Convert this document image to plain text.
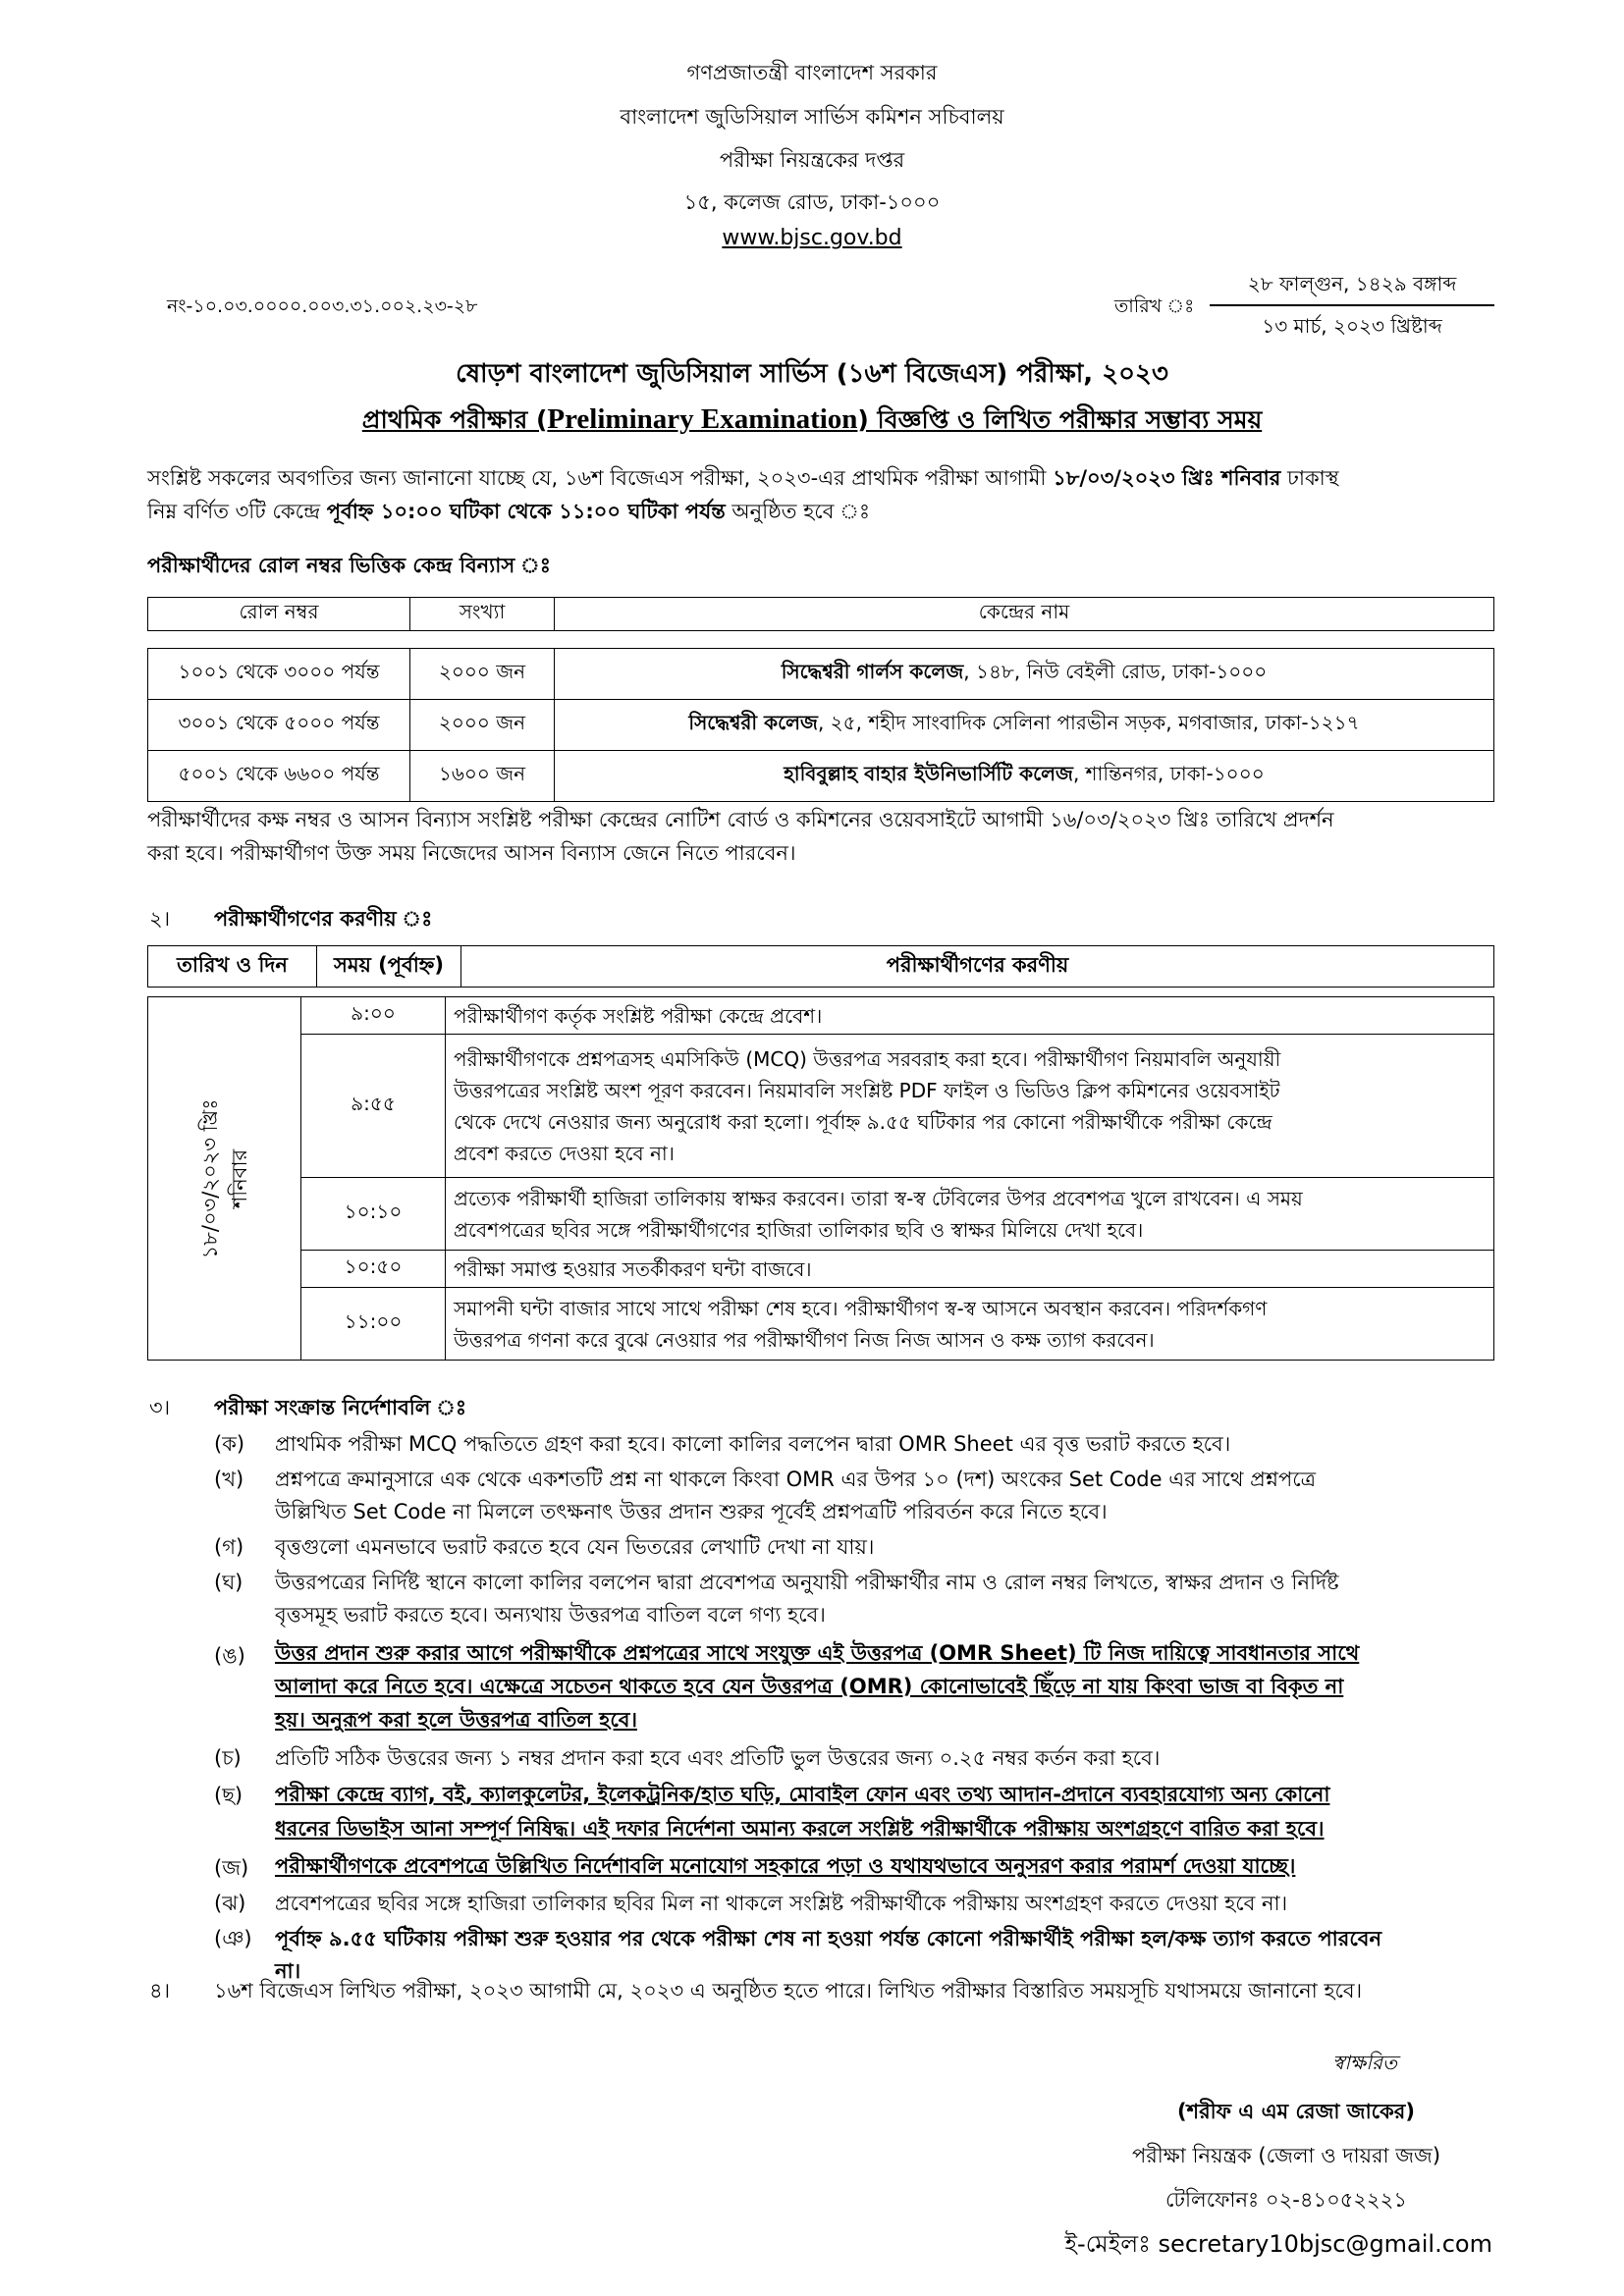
গণপ্রজাতন্ত্রী বাংলাদেশ সরকার
বাংলাদেশ জুডিসিয়াল সার্ভিস কমিশন সচিবালয়
পরীক্ষা নিয়ন্ত্রকের দপ্তর
১৫, কলেজ রোড, ঢাকা-১০০০
www.bjsc.gov.bd
নং-১০.০৩.০০০০.০০৩.৩১.০০২.২৩-২৮	তারিখ ঃ
২৮ ফাল্গুন, ১৪২৯ বঙ্গাব্দ
১৩ মার্চ, ২০২৩ খ্রিষ্টাব্দ
ষোড়শ বাংলাদেশ জুডিসিয়াল সার্ভিস (১৬শ বিজেএস) পরীক্ষা, ২০২৩
প্রাথমিক পরীক্ষার (Preliminary Examination) বিজ্ঞপ্তি ও লিখিত পরীক্ষার সম্ভাব্য সময়
সংশ্লিষ্ট সকলের অবগতির জন্য জানানো যাচ্ছে যে, ১৬শ বিজেএস পরীক্ষা, ২০২৩-এর প্রাথমিক পরীক্ষা আগামী ১৮/০৩/২০২৩ খ্রিঃ শনিবার ঢাকাস্থ
নিম্ন বর্ণিত ৩টি কেন্দ্রে পূর্বাহ্ন ১০:০০ ঘটিকা থেকে ১১:০০ ঘটিকা পর্যন্ত অনুষ্ঠিত হবে ঃ
পরীক্ষার্থীদের রোল নম্বর ভিত্তিক কেন্দ্র বিন্যাস ঃ
রোল নম্বর	সংখ্যা	কেন্দ্রের নাম

১০০১ থেকে ৩০০০ পর্যন্ত	২০০০ জন	সিদ্ধেশ্বরী গার্লস কলেজ, ১৪৮, নিউ বেইলী রোড, ঢাকা-১০০০
৩০০১ থেকে ৫০০০ পর্যন্ত	২০০০ জন	সিদ্ধেশ্বরী কলেজ, ২৫, শহীদ সাংবাদিক সেলিনা পারভীন সড়ক, মগবাজার, ঢাকা-১২১৭
৫০০১ থেকে ৬৬০০ পর্যন্ত	১৬০০ জন	হাবিবুল্লাহ বাহার ইউনিভার্সিটি কলেজ, শান্তিনগর, ঢাকা-১০০০
পরীক্ষার্থীদের কক্ষ নম্বর ও আসন বিন্যাস সংশ্লিষ্ট পরীক্ষা কেন্দ্রের নোটিশ বোর্ড ও কমিশনের ওয়েবসাইটে আগামী ১৬/০৩/২০২৩ খ্রিঃ তারিখে প্রদর্শন
করা হবে। পরীক্ষার্থীগণ উক্ত সময় নিজেদের আসন বিন্যাস জেনে নিতে পারবেন।
২। পরীক্ষার্থীগণের করণীয় ঃ
তারিখ ও দিন	সময় (পূর্বাহ্ন)	পরীক্ষার্থীগণের করণীয়
১৮/০৩/২০২৩ খ্রিঃ শনিবার	৯:০০	পরীক্ষার্থীগণ কর্তৃক সংশ্লিষ্ট পরীক্ষা কেন্দ্রে প্রবেশ।

	৯:৫৫	পরীক্ষার্থীগণকে প্রশ্নপত্রসহ এমসিকিউ (MCQ) উত্তরপত্র সরবরাহ করা হবে। পরীক্ষার্থীগণ নিয়মাবলি অনুযায়ী
উত্তরপত্রের সংশ্লিষ্ট অংশ পূরণ করবেন। নিয়মাবলি সংশ্লিষ্ট PDF ফাইল ও ভিডিও ক্লিপ কমিশনের ওয়েবসাইট
থেকে দেখে নেওয়ার জন্য অনুরোধ করা হলো। পূর্বাহ্ন ৯.৫৫ ঘটিকার পর কোনো পরীক্ষার্থীকে পরীক্ষা কেন্দ্রে
প্রবেশ করতে দেওয়া হবে না।

	১০:১০	প্রত্যেক পরীক্ষার্থী হাজিরা তালিকায় স্বাক্ষর করবেন। তারা স্ব-স্ব টেবিলের উপর প্রবেশপত্র খুলে রাখবেন। এ সময়
প্রবেশপত্রের ছবির সঙ্গে পরীক্ষার্থীগণের হাজিরা তালিকার ছবি ও স্বাক্ষর মিলিয়ে দেখা হবে।

	১০:৫০	পরীক্ষা সমাপ্ত হওয়ার সতর্কীকরণ ঘন্টা বাজবে।

	১১:০০	সমাপনী ঘন্টা বাজার সাথে সাথে পরীক্ষা শেষ হবে। পরীক্ষার্থীগণ স্ব-স্ব আসনে অবস্থান করবেন। পরিদর্শকগণ
উত্তরপত্র গণনা করে বুঝে নেওয়ার পর পরীক্ষার্থীগণ নিজ নিজ আসন ও কক্ষ ত্যাগ করবেন।
৩। পরীক্ষা সংক্রান্ত নির্দেশাবলি ঃ
(ক)	প্রাথমিক পরীক্ষা MCQ পদ্ধতিতে গ্রহণ করা হবে। কালো কালির বলপেন দ্বারা OMR Sheet এর বৃত্ত ভরাট করতে হবে।
(খ)	প্রশ্নপত্রে ক্রমানুসারে এক থেকে একশতটি প্রশ্ন না থাকলে কিংবা OMR এর উপর ১০ (দশ) অংকের Set Code এর সাথে প্রশ্নপত্রে
উল্লিখিত Set Code না মিললে তৎক্ষনাৎ উত্তর প্রদান শুরুর পূর্বেই প্রশ্নপত্রটি পরিবর্তন করে নিতে হবে।
(গ)	বৃত্তগুলো এমনভাবে ভরাট করতে হবে যেন ভিতরের লেখাটি দেখা না যায়।
(ঘ)	উত্তরপত্রের নির্দিষ্ট স্থানে কালো কালির বলপেন দ্বারা প্রবেশপত্র অনুযায়ী পরীক্ষার্থীর নাম ও রোল নম্বর লিখতে, স্বাক্ষর প্রদান ও নির্দিষ্ট
বৃত্তসমূহ ভরাট করতে হবে। অন্যথায় উত্তরপত্র বাতিল বলে গণ্য হবে।
(ঙ)	উত্তর প্রদান শুরু করার আগে পরীক্ষার্থীকে প্রশ্নপত্রের সাথে সংযুক্ত এই উত্তরপত্র (OMR Sheet) টি নিজ দায়িত্বে সাবধানতার সাথে
আলাদা করে নিতে হবে। এক্ষেত্রে সচেতন থাকতে হবে যেন উত্তরপত্র (OMR) কোনোভাবেই ছিঁড়ে না যায় কিংবা ভাজ বা বিকৃত না
হয়। অনুরূপ করা হলে উত্তরপত্র বাতিল হবে।
(চ)	প্রতিটি সঠিক উত্তরের জন্য ১ নম্বর প্রদান করা হবে এবং প্রতিটি ভুল উত্তরের জন্য ০.২৫ নম্বর কর্তন করা হবে।
(ছ)	পরীক্ষা কেন্দ্রে ব্যাগ, বই, ক্যালকুলেটর, ইলেকট্রনিক/হাত ঘড়ি, মোবাইল ফোন এবং তথ্য আদান-প্রদানে ব্যবহারযোগ্য অন্য কোনো
ধরনের ডিভাইস আনা সম্পূর্ণ নিষিদ্ধ। এই দফার নির্দেশনা অমান্য করলে সংশ্লিষ্ট পরীক্ষার্থীকে পরীক্ষায় অংশগ্রহণে বারিত করা হবে।
(জ)	পরীক্ষার্থীগণকে প্রবেশপত্রে উল্লিখিত নির্দেশাবলি মনোযোগ সহকারে পড়া ও যথাযথভাবে অনুসরণ করার পরামর্শ দেওয়া যাচ্ছে।
(ঝ)	প্রবেশপত্রের ছবির সঙ্গে হাজিরা তালিকার ছবির মিল না থাকলে সংশ্লিষ্ট পরীক্ষার্থীকে পরীক্ষায় অংশগ্রহণ করতে দেওয়া হবে না।
(ঞ)	পূর্বাহ্ন ৯.৫৫ ঘটিকায় পরীক্ষা শুরু হওয়ার পর থেকে পরীক্ষা শেষ না হওয়া পর্যন্ত কোনো পরীক্ষার্থীই পরীক্ষা হল/কক্ষ ত্যাগ করতে পারবেন
না।
৪। ১৬শ বিজেএস লিখিত পরীক্ষা, ২০২৩ আগামী মে, ২০২৩ এ অনুষ্ঠিত হতে পারে। লিখিত পরীক্ষার বিস্তারিত সময়সূচি যথাসময়ে জানানো হবে।
স্বাক্ষরিত
(শরীফ এ এম রেজা জাকের)
পরীক্ষা নিয়ন্ত্রক (জেলা ও দায়রা জজ)
টেলিফোনঃ ০২-৪১০৫২২২১
ই-মেইলঃ secretary10bjsc@gmail.com
